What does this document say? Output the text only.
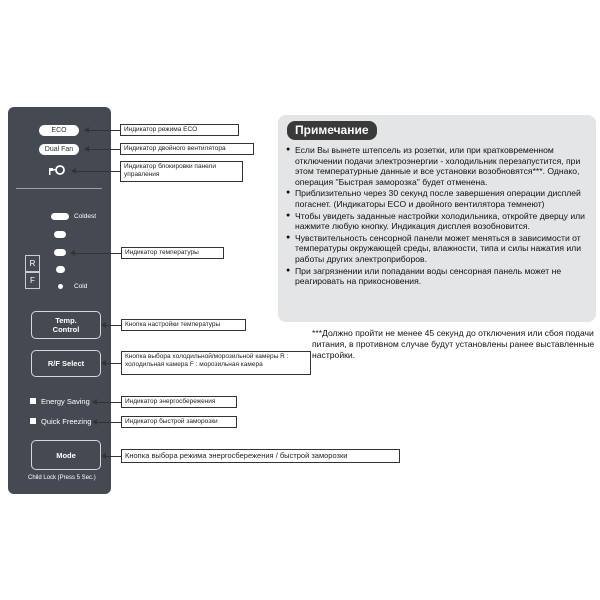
ECO
Dual Fan
Coldest
Cold
R
F
Temp.
Control
R/F Select
Energy Saving
Quick Freezing
Mode
Child Lock (Press 5 Sec.)
Индикатор режима ECO
Индикатор двойного вентилятора
Индикатор блокировки панели управления
Индикатор температуры
Кнопка настройки температуры
Кнопка выбора холодильной/морозильной камеры R : холодильная камера F : морозильная камера
Индикатор энергосбережения
Индикатор быстрой заморозки
Кнопка выбора режима энергосбережения / быстрой заморозки
Примечание
● Если Вы вынете штепсель из розетки, или при кратковременном отключении подачи электроэнергии - холодильник перезапустится, при этом температурные данные и все установки возобновятся***. Однако, операция "Быстрая заморозка" будет отменена.
● Приблизительно через 30 секунд после завершения операции дисплей погаснет. (Индикаторы ECO и двойного вентилятора темнеют)
● Чтобы увидеть заданные настройки холодильника, откройте дверцу или нажмите любую кнопку. Индикация дисплея возобновится.
● Чувствительность сенсорной панели может меняться в зависимости от температуры окружающей среды, влажности, типа и силы нажатия или работы других электроприборов.
● При загрязнении или попадании воды сенсорная панель может не реагировать на прикосновения.
***Должно пройти не менее 45 секунд до отключения или сбоя подачи питания, в противном случае будут установлены ранее выставленные настройки.
